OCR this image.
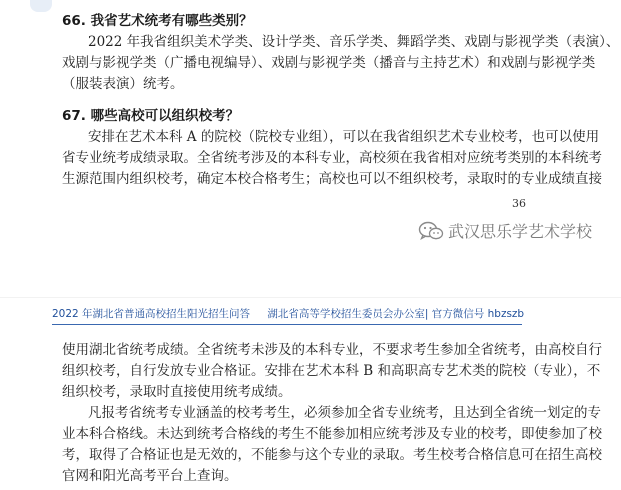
66. 我省艺术统考有哪些类别？

2022 年我省组织美术学类、设计学类、音乐学类、舞蹈学类、戏剧与影视学类（表演）、
戏剧与影视学类（广播电视编导）、戏剧与影视学类（播音与主持艺术）和戏剧与影视学类
（服装表演）统考。

67. 哪些高校可以组织校考？

安排在艺术本科 A 的院校（院校专业组），可以在我省组织艺术专业校考，也可以使用
省专业统考成绩录取。全省统考涉及的本科专业，高校须在我省相对应统考类别的本科统考
生源范围内组织校考，确定本校合格考生；高校也可以不组织校考，录取时的专业成绩直接

36
武汉思乐学艺术学校
2022 年湖北省普通高校招生阳光招生问答 湖北省高等学校招生委员会办公室| 官方微信号 hbzszb

使用湖北省统考成绩。全省统考未涉及的本科专业，不要求考生参加全省统考，由高校自行
组织校考，自行发放专业合格证。安排在艺术本科 B 和高职高专艺术类的院校（专业），不
组织校考，录取时直接使用统考成绩。

凡报考省统考专业涵盖的校考考生，必须参加全省专业统考，且达到全省统一划定的专
业本科合格线。未达到统考合格线的考生不能参加相应统考涉及专业的校考，即使参加了校
考，取得了合格证也是无效的，不能参与这个专业的录取。考生校考合格信息可在招生高校
官网和阳光高考平台上查询。
